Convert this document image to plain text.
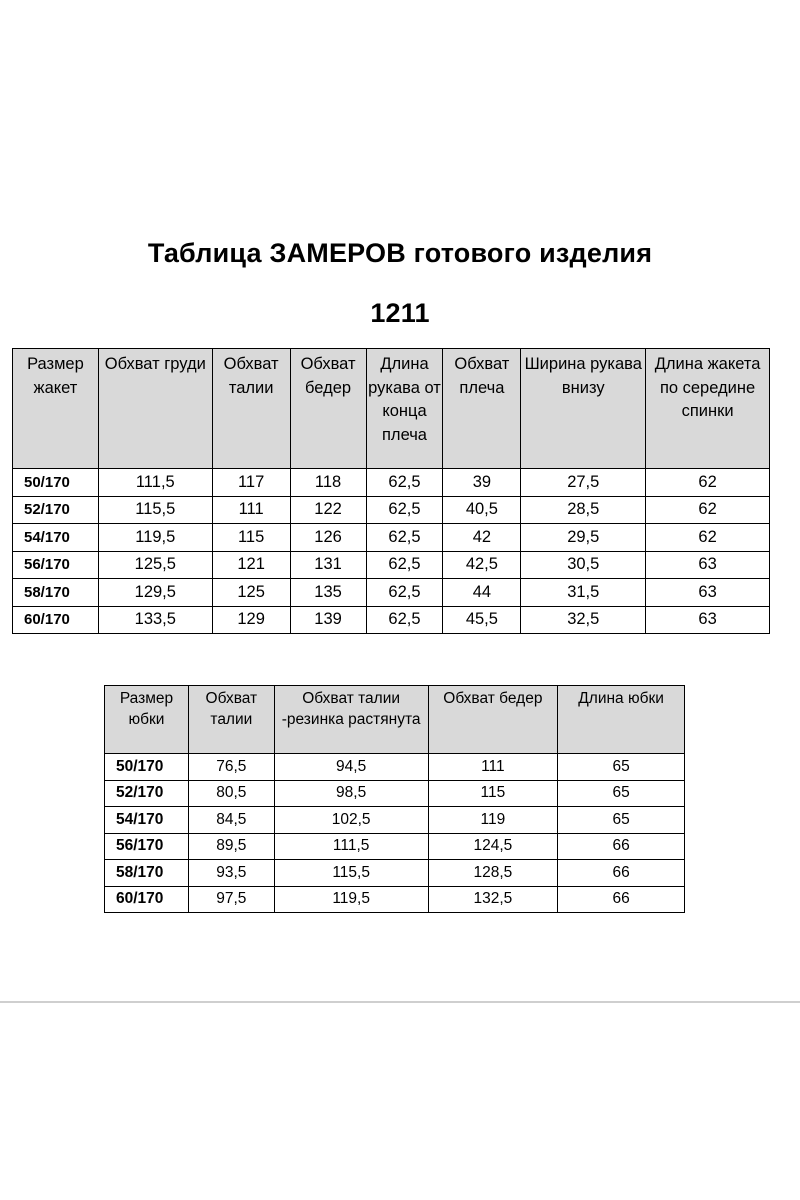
Таблица ЗАМЕРОВ готового изделия
1211
Размер жакет	Обхват груди	Обхват талии	Обхват бедер	Длина рукава от конца плеча	Обхват плеча	Ширина рукава внизу	Длина жакета по середине спинки
50/170	111,5	117	118	62,5	39	27,5	62
52/170	115,5	111	122	62,5	40,5	28,5	62
54/170	119,5	115	126	62,5	42	29,5	62
56/170	125,5	121	131	62,5	42,5	30,5	63
58/170	129,5	125	135	62,5	44	31,5	63
60/170	133,5	129	139	62,5	45,5	32,5	63
Размер юбки	Обхват талии	Обхват талии -резинка растянута	Обхват бедер	Длина юбки
50/170	76,5	94,5	111	65
52/170	80,5	98,5	115	65
54/170	84,5	102,5	119	65
56/170	89,5	111,5	124,5	66
58/170	93,5	115,5	128,5	66
60/170	97,5	119,5	132,5	66
